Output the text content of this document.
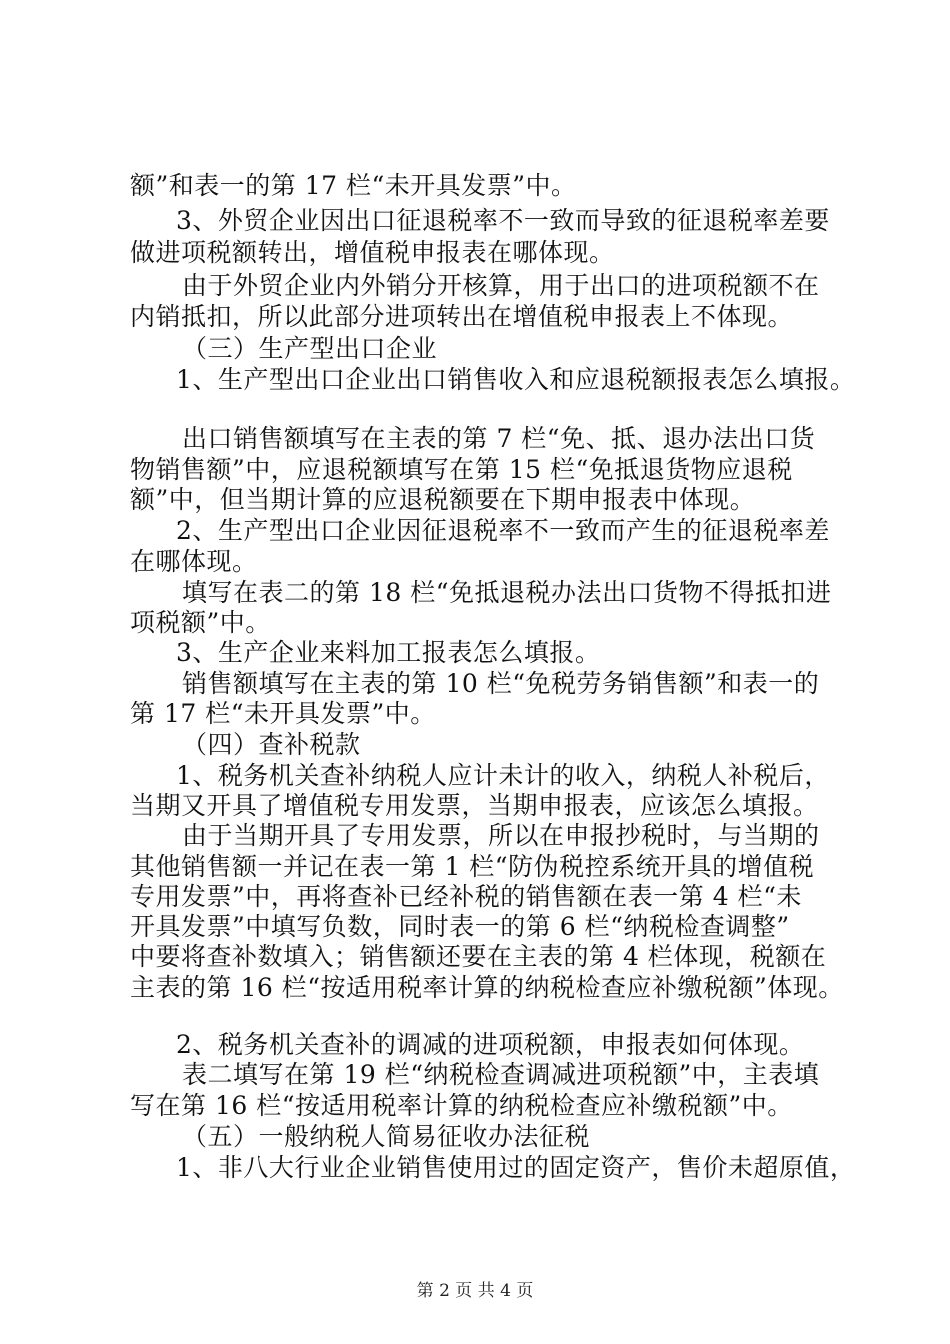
额”和表一的第 17 栏“未开具发票”中。
3、外贸企业因出口征退税率不一致而导致的征退税率差要
做进项税额转出，增值税申报表在哪体现。
由于外贸企业内外销分开核算，用于出口的进项税额不在
内销抵扣，所以此部分进项转出在增值税申报表上不体现。
（三）生产型出口企业
1、生产型出口企业出口销售收入和应退税额报表怎么填报。
出口销售额填写在主表的第 7 栏“免、抵、退办法出口货
物销售额”中，应退税额填写在第 15 栏“免抵退货物应退税
额”中，但当期计算的应退税额要在下期申报表中体现。
2、生产型出口企业因征退税率不一致而产生的征退税率差
在哪体现。
填写在表二的第 18 栏“免抵退税办法出口货物不得抵扣进
项税额”中。
3、生产企业来料加工报表怎么填报。
销售额填写在主表的第 10 栏“免税劳务销售额”和表一的
第 17 栏“未开具发票”中。
（四）查补税款
1、税务机关查补纳税人应计未计的收入，纳税人补税后，
当期又开具了增值税专用发票，当期申报表，应该怎么填报。
由于当期开具了专用发票，所以在申报抄税时，与当期的
其他销售额一并记在表一第 1 栏“防伪税控系统开具的增值税
专用发票”中，再将查补已经补税的销售额在表一第 4 栏“未
开具发票”中填写负数，同时表一的第 6 栏“纳税检查调整”
中要将查补数填入；销售额还要在主表的第 4 栏体现，税额在
主表的第 16 栏“按适用税率计算的纳税检查应补缴税额”体现。
2、税务机关查补的调减的进项税额，申报表如何体现。
表二填写在第 19 栏“纳税检查调减进项税额”中，主表填
写在第 16 栏“按适用税率计算的纳税检查应补缴税额”中。
（五）一般纳税人简易征收办法征税
1、非八大行业企业销售使用过的固定资产，售价未超原值，
第 2 页 共 4 页
